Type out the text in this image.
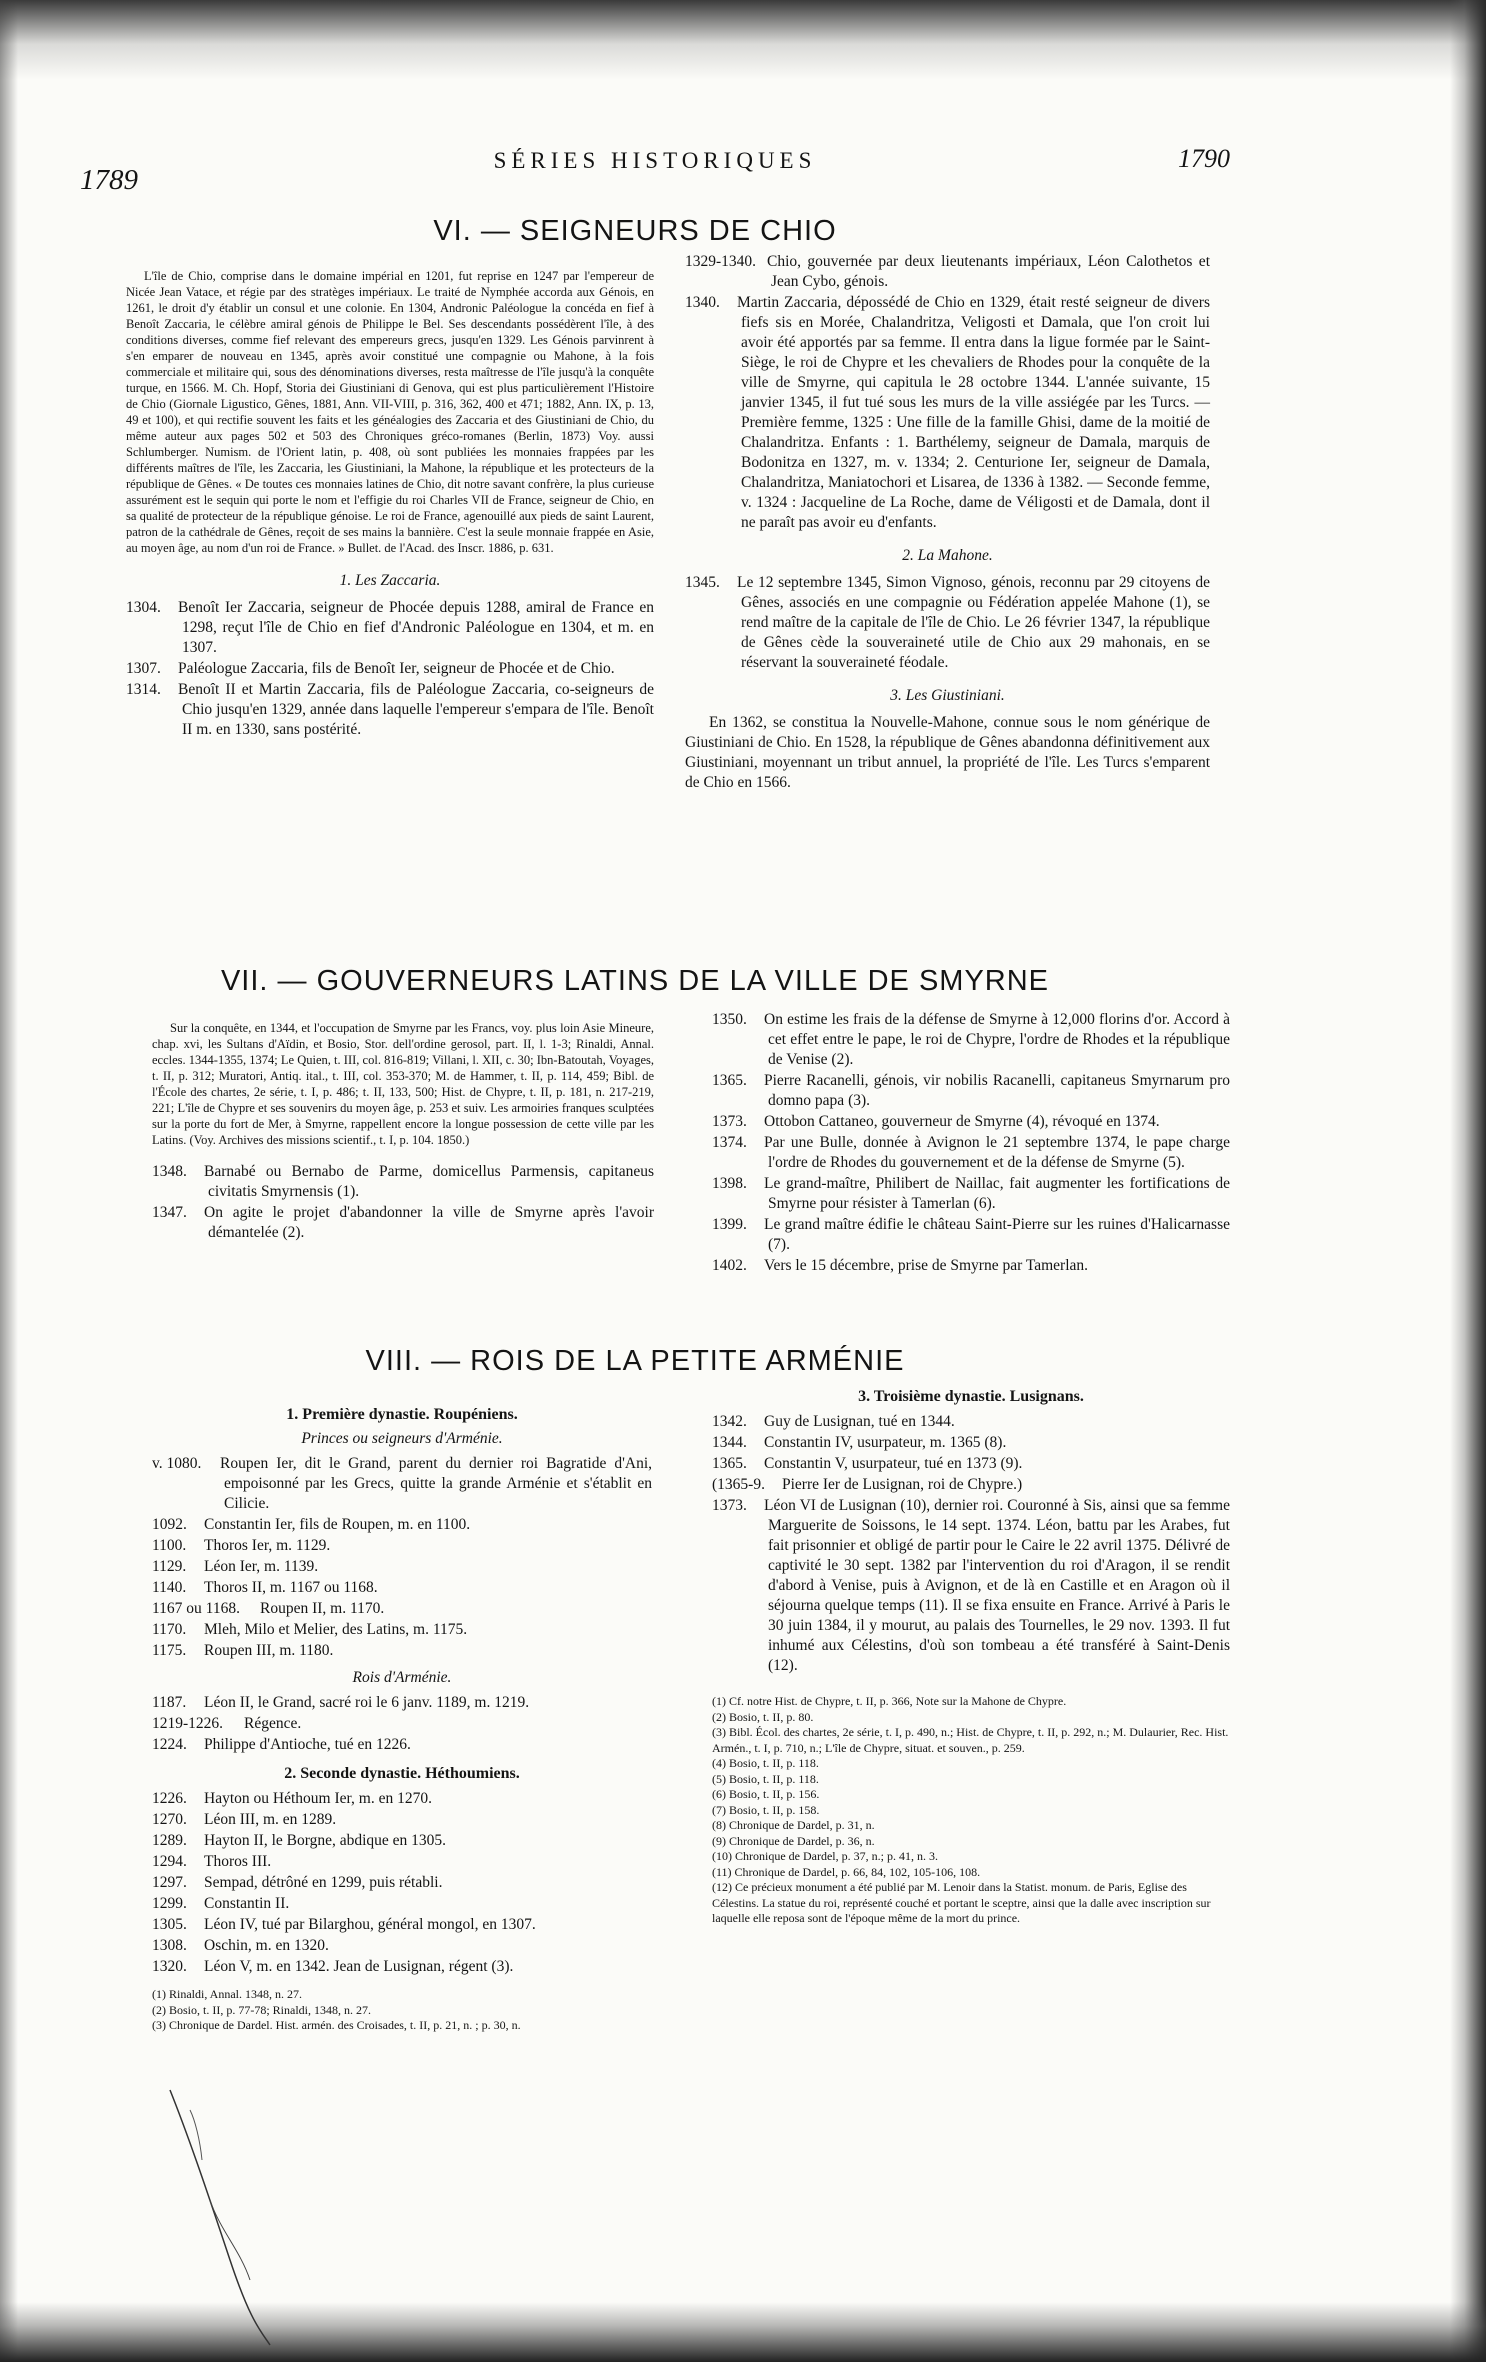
1789
SÉRIES HISTORIQUES	1790
VI. — SEIGNEURS DE CHIO

L'île de Chio, comprise dans le domaine impérial en 1201, fut reprise en 1247 par l'empereur de Nicée Jean Vatace, et régie par des stratèges impériaux. Le traité de Nymphée accorda aux Génois, en 1261, le droit d'y établir un consul et une colonie. En 1304, Andronic Paléologue la concéda en fief à Benoît Zaccaria, le célèbre amiral génois de Philippe le Bel. Ses descendants possédèrent l'île, à des conditions diverses, comme fief relevant des empereurs grecs, jusqu'en 1329. Les Génois parvinrent à s'en emparer de nouveau en 1345, après avoir constitué une compagnie ou Mahone, à la fois commerciale et militaire qui, sous des dénominations diverses, resta maîtresse de l'île jusqu'à la conquête turque, en 1566. M. Ch. Hopf, Storia dei Giustiniani di Genova, qui est plus particulièrement l'Histoire de Chio (Giornale Ligustico, Gênes, 1881, Ann. VII-VIII, p. 316, 362, 400 et 471; 1882, Ann. IX, p. 13, 49 et 100), et qui rectifie souvent les faits et les généalogies des Zaccaria et des Giustiniani de Chio, du même auteur aux pages 502 et 503 des Chroniques gréco-romanes (Berlin, 1873) Voy. aussi Schlumberger. Numism. de l'Orient latin, p. 408, où sont publiées les monnaies frappées par les différents maîtres de l'île, les Zaccaria, les Giustiniani, la Mahone, la république et les protecteurs de la république de Gênes. « De toutes ces monnaies latines de Chio, dit notre savant confrère, la plus curieuse assurément est le sequin qui porte le nom et l'effigie du roi Charles VII de France, seigneur de Chio, en sa qualité de protecteur de la république génoise. Le roi de France, agenouillé aux pieds de saint Laurent, patron de la cathédrale de Gênes, reçoit de ses mains la bannière. C'est la seule monnaie frappée en Asie, au moyen âge, au nom d'un roi de France. » Bullet. de l'Acad. des Inscr. 1886, p. 631.

1. Les Zaccaria.

1304. Benoît Ier Zaccaria, seigneur de Phocée depuis 1288, amiral de France en 1298, reçut l'île de Chio en fief d'Andronic Paléologue en 1304, et m. en 1307.

1307. Paléologue Zaccaria, fils de Benoît Ier, seigneur de Phocée et de Chio.

1314. Benoît II et Martin Zaccaria, fils de Paléologue Zaccaria, co-seigneurs de Chio jusqu'en 1329, année dans laquelle l'empereur s'empara de l'île. Benoît II m. en 1330, sans postérité.

1329-1340. Chio, gouvernée par deux lieutenants impériaux, Léon Calothetos et Jean Cybo, génois.

1340. Martin Zaccaria, dépossédé de Chio en 1329, était resté seigneur de divers fiefs sis en Morée, Chalandritza, Veligosti et Damala, que l'on croit lui avoir été apportés par sa femme. Il entra dans la ligue formée par le Saint-Siège, le roi de Chypre et les chevaliers de Rhodes pour la conquête de la ville de Smyrne, qui capitula le 28 octobre 1344. L'année suivante, 15 janvier 1345, il fut tué sous les murs de la ville assiégée par les Turcs. — Première femme, 1325 : Une fille de la famille Ghisi, dame de la moitié de Chalandritza. Enfants : 1. Barthélemy, seigneur de Damala, marquis de Bodonitza en 1327, m. v. 1334; 2. Centurione Ier, seigneur de Damala, Chalandritza, Maniatochori et Lisarea, de 1336 à 1382. — Seconde femme, v. 1324 : Jacqueline de La Roche, dame de Véligosti et de Damala, dont il ne paraît pas avoir eu d'enfants.

2. La Mahone.

1345. Le 12 septembre 1345, Simon Vignoso, génois, reconnu par 29 citoyens de Gênes, associés en une compagnie ou Fédération appelée Mahone (1), se rend maître de la capitale de l'île de Chio. Le 26 février 1347, la république de Gênes cède la souveraineté utile de Chio aux 29 mahonais, en se réservant la souveraineté féodale.

3. Les Giustiniani.

En 1362, se constitua la Nouvelle-Mahone, connue sous le nom générique de Giustiniani de Chio. En 1528, la république de Gênes abandonna définitivement aux Giustiniani, moyennant un tribut annuel, la propriété de l'île. Les Turcs s'emparent de Chio en 1566.

VII. — GOUVERNEURS LATINS DE LA VILLE DE SMYRNE

Sur la conquête, en 1344, et l'occupation de Smyrne par les Francs, voy. plus loin Asie Mineure, chap. xvi, les Sultans d'Aïdin, et Bosio, Stor. dell'ordine gerosol, part. II, l. 1-3; Rinaldi, Annal. eccles. 1344-1355, 1374; Le Quien, t. III, col. 816-819; Villani, l. XII, c. 30; Ibn-Batoutah, Voyages, t. II, p. 312; Muratori, Antiq. ital., t. III, col. 353-370; M. de Hammer, t. II, p. 114, 459; Bibl. de l'École des chartes, 2e série, t. I, p. 486; t. II, 133, 500; Hist. de Chypre, t. II, p. 181, n. 217-219, 221; L'île de Chypre et ses souvenirs du moyen âge, p. 253 et suiv. Les armoiries franques sculptées sur la porte du fort de Mer, à Smyrne, rappellent encore la longue possession de cette ville par les Latins. (Voy. Archives des missions scientif., t. I, p. 104. 1850.)

1348. Barnabé ou Bernabo de Parme, domicellus Parmensis, capitaneus civitatis Smyrnensis (1).

1347. On agite le projet d'abandonner la ville de Smyrne après l'avoir démantelée (2).

1350. On estime les frais de la défense de Smyrne à 12,000 florins d'or. Accord à cet effet entre le pape, le roi de Chypre, l'ordre de Rhodes et la république de Venise (2).

1365. Pierre Racanelli, génois, vir nobilis Racanelli, capitaneus Smyrnarum pro domno papa (3).

1373. Ottobon Cattaneo, gouverneur de Smyrne (4), révoqué en 1374.

1374. Par une Bulle, donnée à Avignon le 21 septembre 1374, le pape charge l'ordre de Rhodes du gouvernement et de la défense de Smyrne (5).

1398. Le grand-maître, Philibert de Naillac, fait augmenter les fortifications de Smyrne pour résister à Tamerlan (6).

1399. Le grand maître édifie le château Saint-Pierre sur les ruines d'Halicarnasse (7).

1402. Vers le 15 décembre, prise de Smyrne par Tamerlan.

VIII. — ROIS DE LA PETITE ARMÉNIE

1. Première dynastie. Roupéniens.

Princes ou seigneurs d'Arménie.

v. 1080. Roupen Ier, dit le Grand, parent du dernier roi Bagratide d'Ani, empoisonné par les Grecs, quitte la grande Arménie et s'établit en Cilicie.

1092. Constantin Ier, fils de Roupen, m. en 1100.

1100. Thoros Ier, m. 1129.

1129. Léon Ier, m. 1139.

1140. Thoros II, m. 1167 ou 1168.

1167 ou 1168. Roupen II, m. 1170.

1170. Mleh, Milo et Melier, des Latins, m. 1175.

1175. Roupen III, m. 1180.

Rois d'Arménie.

1187. Léon II, le Grand, sacré roi le 6 janv. 1189, m. 1219.

1219-1226. Régence.

1224. Philippe d'Antioche, tué en 1226.

2. Seconde dynastie. Héthoumiens.

1226. Hayton ou Héthoum Ier, m. en 1270.

1270. Léon III, m. en 1289.

1289. Hayton II, le Borgne, abdique en 1305.

1294. Thoros III.

1297. Sempad, détrôné en 1299, puis rétabli.

1299. Constantin II.

1305. Léon IV, tué par Bilarghou, général mongol, en 1307.

1308. Oschin, m. en 1320.

1320. Léon V, m. en 1342. Jean de Lusignan, régent (3).

(1) Rinaldi, Annal. 1348, n. 27.

(2) Bosio, t. II, p. 77-78; Rinaldi, 1348, n. 27.

(3) Chronique de Dardel. Hist. armén. des Croisades, t. II, p. 21, n. ; p. 30, n.

3. Troisième dynastie. Lusignans.

1342. Guy de Lusignan, tué en 1344.

1344. Constantin IV, usurpateur, m. 1365 (8).

1365. Constantin V, usurpateur, tué en 1373 (9).

(1365-9. Pierre Ier de Lusignan, roi de Chypre.)

1373. Léon VI de Lusignan (10), dernier roi. Couronné à Sis, ainsi que sa femme Marguerite de Soissons, le 14 sept. 1374. Léon, battu par les Arabes, fut fait prisonnier et obligé de partir pour le Caire le 22 avril 1375. Délivré de captivité le 30 sept. 1382 par l'intervention du roi d'Aragon, il se rendit d'abord à Venise, puis à Avignon, et de là en Castille et en Aragon où il séjourna quelque temps (11). Il se fixa ensuite en France. Arrivé à Paris le 30 juin 1384, il y mourut, au palais des Tournelles, le 29 nov. 1393. Il fut inhumé aux Célestins, d'où son tombeau a été transféré à Saint-Denis (12).

(1) Cf. notre Hist. de Chypre, t. II, p. 366, Note sur la Mahone de Chypre.

(2) Bosio, t. II, p. 80.

(3) Bibl. Écol. des chartes, 2e série, t. I, p. 490, n.; Hist. de Chypre, t. II, p. 292, n.; M. Dulaurier, Rec. Hist. Armén., t. I, p. 710, n.; L'île de Chypre, situat. et souven., p. 259.

(4) Bosio, t. II, p. 118.

(5) Bosio, t. II, p. 118.

(6) Bosio, t. II, p. 156.

(7) Bosio, t. II, p. 158.

(8) Chronique de Dardel, p. 31, n.

(9) Chronique de Dardel, p. 36, n.

(10) Chronique de Dardel, p. 37, n.; p. 41, n. 3.

(11) Chronique de Dardel, p. 66, 84, 102, 105-106, 108.

(12) Ce précieux monument a été publié par M. Lenoir dans la Statist. monum. de Paris, Eglise des Célestins. La statue du roi, représenté couché et portant le sceptre, ainsi que la dalle avec inscription sur laquelle elle reposa sont de l'époque même de la mort du prince.
